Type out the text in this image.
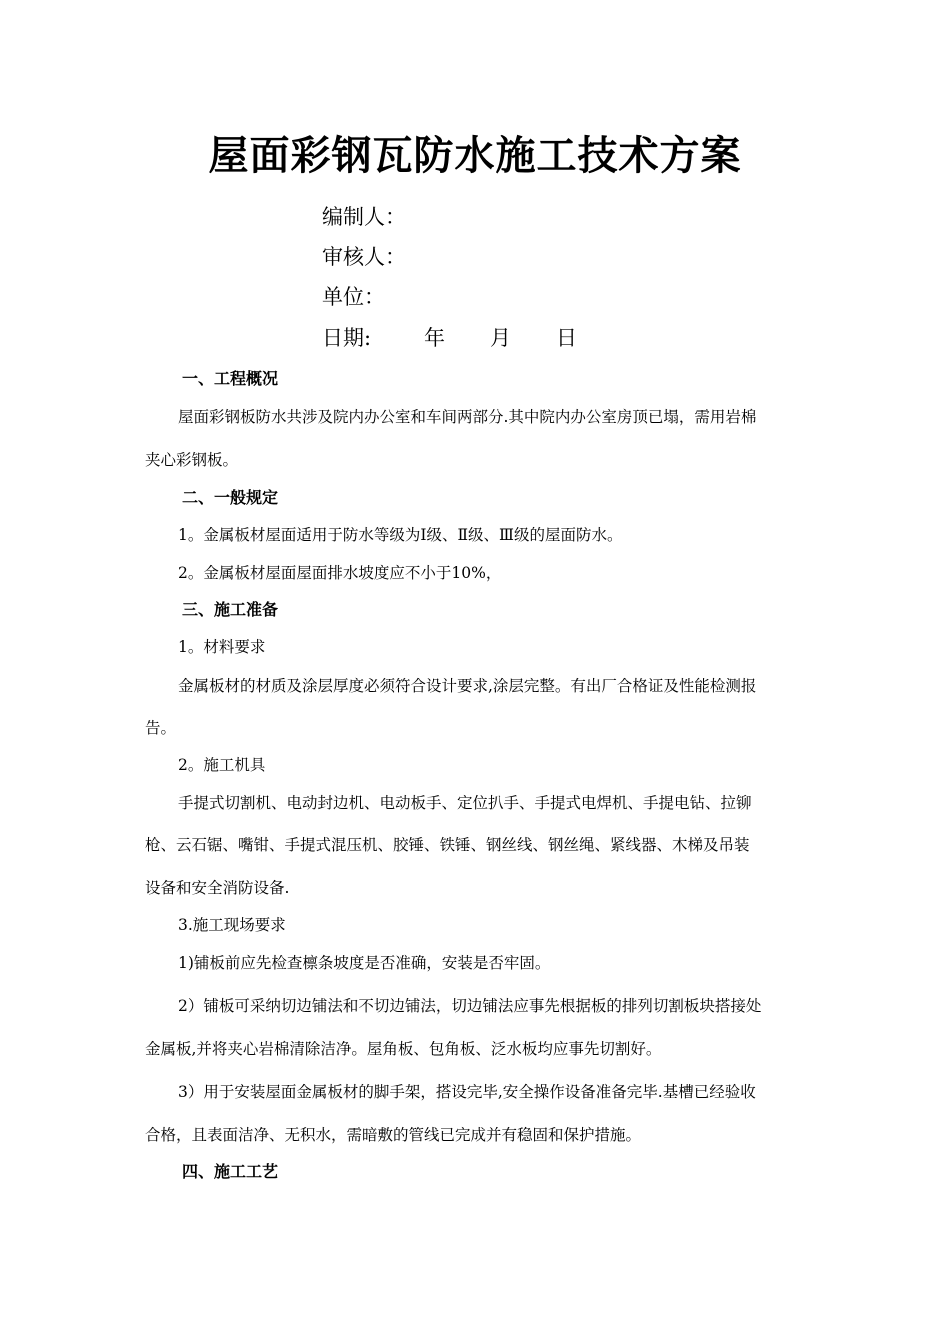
屋面彩钢瓦防水施工技术方案
编制人：
审核人：
单位：
日期:	年 月 日
一、工程概况
屋面彩钢板防水共涉及院内办公室和车间两部分.其中院内办公室房顶已塌，需用岩棉
夹心彩钢板。
二、一般规定
1。金属板材屋面适用于防水等级为Ⅰ级、Ⅱ级、Ⅲ级的屋面防水。
2。金属板材屋面屋面排水坡度应不小于10%，
三、施工准备
1。材料要求
金属板材的材质及涂层厚度必须符合设计要求,涂层完整。有出厂合格证及性能检测报
告。
2。施工机具
手提式切割机、电动封边机、电动板手、定位扒手、手提式电焊机、手提电钻、拉铆
枪、云石锯、嘴钳、手提式混压机、胶锤、铁锤、钢丝线、钢丝绳、紧线器、木梯及吊装
设备和安全消防设备.
3.施工现场要求
1)铺板前应先检查檩条坡度是否准确，安装是否牢固。
2）铺板可采纳切边铺法和不切边铺法，切边铺法应事先根据板的排列切割板块搭接处
金属板,并将夹心岩棉清除洁净。屋角板、包角板、泛水板均应事先切割好。
3）用于安装屋面金属板材的脚手架，搭设完毕,安全操作设备准备完毕.基槽已经验收
合格，且表面洁净、无积水，需暗敷的管线已完成并有稳固和保护措施。
四、施工工艺
